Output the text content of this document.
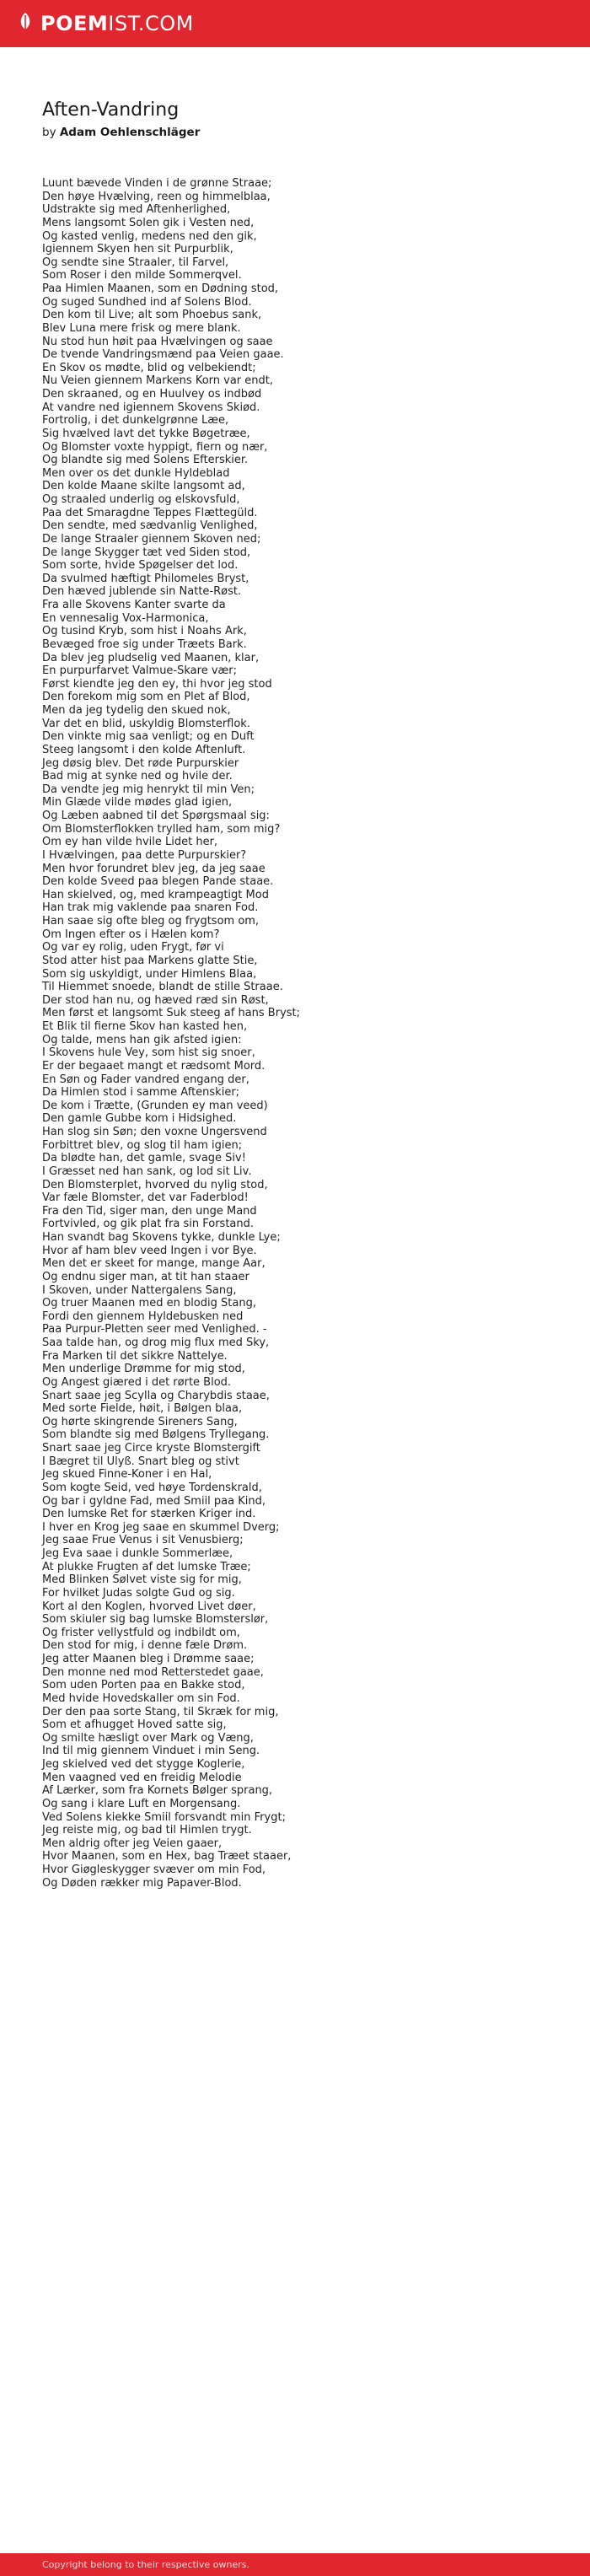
POEMIST.COM
Aften-Vandring
by Adam Oehlenschläger
Luunt bævede Vinden i de grønne Straae;
Den høye Hvælving, reen og himmelblaa,
Udstrakte sig med Aftenherlighed,
Mens langsomt Solen gik i Vesten ned,
Og kasted venlig, medens ned den gik,
Igiennem Skyen hen sit Purpurblik,
Og sendte sine Straaler, til Farvel,
Som Roser i den milde Sommerqvel.
Paa Himlen Maanen, som en Dødning stod,
Og suged Sundhed ind af Solens Blod.
Den kom til Live; alt som Phoebus sank,
Blev Luna mere frisk og mere blank.
Nu stod hun høit paa Hvælvingen og saae
De tvende Vandringsmænd paa Veien gaae.
En Skov os mødte, blid og velbekiendt;
Nu Veien giennem Markens Korn var endt,
Den skraaned, og en Huulvey os indbød
At vandre ned igiennem Skovens Skiød.
Fortrolig, i det dunkelgrønne Læe,
Sig hvælved lavt det tykke Bøgetræe,
Og Blomster voxte hyppigt, fiern og nær,
Og blandte sig med Solens Efterskier.
Men over os det dunkle Hyldeblad
Den kolde Maane skilte langsomt ad,
Og straaled underlig og elskovsfuld,
Paa det Smaragdne Teppes Flættegüld.
Den sendte, med sædvanlig Venlighed,
De lange Straaler giennem Skoven ned;
De lange Skygger tæt ved Siden stod,
Som sorte, hvide Spøgelser det lod.
Da svulmed hæftigt Philomeles Bryst,
Den hæved jublende sin Natte-Røst.
Fra alle Skovens Kanter svarte da
En vennesalig Vox-Harmonica,
Og tusind Kryb, som hist i Noahs Ark,
Bevæged froe sig under Træets Bark.
Da blev jeg pludselig ved Maanen, klar,
En purpurfarvet Valmue-Skare vær;
Først kiendte jeg den ey, thi hvor jeg stod
Den forekom mig som en Plet af Blod,
Men da jeg tydelig den skued nok,
Var det en blid, uskyldig Blomsterflok.
Den vinkte mig saa venligt; og en Duft
Steeg langsomt i den kolde Aftenluft.
Jeg døsig blev. Det røde Purpurskier
Bad mig at synke ned og hvile der.
Da vendte jeg mig henrykt til min Ven;
Min Glæde vilde mødes glad igien,
Og Læben aabned til det Spørgsmaal sig:
Om Blomsterflokken trylled ham, som mig?
Om ey han vilde hvile Lidet her,
I Hvælvingen, paa dette Purpurskier?
Men hvor forundret blev jeg, da jeg saae
Den kolde Sveed paa blegen Pande staae.
Han skielved, og, med krampeagtigt Mod
Han trak mig vaklende paa snaren Fod.
Han saae sig ofte bleg og frygtsom om,
Om Ingen efter os i Hælen kom?
Og var ey rolig, uden Frygt, før vi
Stod atter hist paa Markens glatte Stie,
Som sig uskyldigt, under Himlens Blaa,
Til Hiemmet snoede, blandt de stille Straae.
Der stod han nu, og hæved ræd sin Røst,
Men først et langsomt Suk steeg af hans Bryst;
Et Blik til fierne Skov han kasted hen,
Og talde, mens han gik afsted igien:
I Skovens hule Vey, som hist sig snoer,
Er der begaaet mangt et rædsomt Mord.
En Søn og Fader vandred engang der,
Da Himlen stod i samme Aftenskier;
De kom i Trætte, (Grunden ey man veed)
Den gamle Gubbe kom i Hidsighed.
Han slog sin Søn; den voxne Ungersvend
Forbittret blev, og slog til ham igien;
Da blødte han, det gamle, svage Siv!
I Græsset ned han sank, og lod sit Liv.
Den Blomsterplet, hvorved du nylig stod,
Var fæle Blomster, det var Faderblod!
Fra den Tid, siger man, den unge Mand
Fortvivled, og gik plat fra sin Forstand.
Han svandt bag Skovens tykke, dunkle Lye;
Hvor af ham blev veed Ingen i vor Bye.
Men det er skeet for mange, mange Aar,
Og endnu siger man, at tit han staaer
I Skoven, under Nattergalens Sang,
Og truer Maanen med en blodig Stang,
Fordi den giennem Hyldebusken ned
Paa Purpur-Pletten seer med Venlighed. -
Saa talde han, og drog mig flux med Sky,
Fra Marken til det sikkre Nattelye.
Men underlige Drømme for mig stod,
Og Angest giæred i det rørte Blod.
Snart saae jeg Scylla og Charybdis staae,
Med sorte Fielde, høit, i Bølgen blaa,
Og hørte skingrende Sireners Sang,
Som blandte sig med Bølgens Tryllegang.
Snart saae jeg Circe kryste Blomstergift
I Bægret til Ulyß. Snart bleg og stivt
Jeg skued Finne-Koner i en Hal,
Som kogte Seid, ved høye Tordenskrald,
Og bar i gyldne Fad, med Smiil paa Kind,
Den lumske Ret for stærken Kriger ind.
I hver en Krog jeg saae en skummel Dverg;
Jeg saae Frue Venus i sit Venusbierg;
Jeg Eva saae i dunkle Sommerlæe,
At plukke Frugten af det lumske Træe;
Med Blinken Sølvet viste sig for mig,
For hvilket Judas solgte Gud og sig.
Kort al den Koglen, hvorved Livet døer,
Som skiuler sig bag lumske Blomsterslør,
Og frister vellystfuld og indbildt om,
Den stod for mig, i denne fæle Drøm.
Jeg atter Maanen bleg i Drømme saae;
Den monne ned mod Retterstedet gaae,
Som uden Porten paa en Bakke stod,
Med hvide Hovedskaller om sin Fod.
Der den paa sorte Stang, til Skræk for mig,
Som et afhugget Hoved satte sig,
Og smilte hæsligt over Mark og Væng,
Ind til mig giennem Vinduet i min Seng.
Jeg skielved ved det stygge Koglerie,
Men vaagned ved en freidig Melodie
Af Lærker, som fra Kornets Bølger sprang,
Og sang i klare Luft en Morgensang.
Ved Solens kiekke Smiil forsvandt min Frygt;
Jeg reiste mig, og bad til Himlen trygt.
Men aldrig ofter jeg Veien gaaer,
Hvor Maanen, som en Hex, bag Træet staaer,
Hvor Giøgleskygger svæver om min Fod,
Og Døden rækker mig Papaver-Blod.
Copyright belong to their respective owners.
